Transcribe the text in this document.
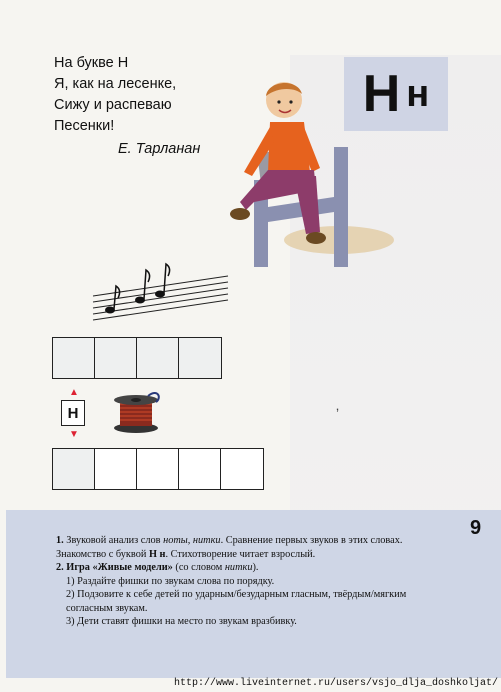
На букве Н
Я, как на лесенке,
Сижу и распеваю
Песенки!
Е. Тарланан
Н н
▲
Н
▼
ʼ

1. Звуковой анализ слов ноты, нитки. Сравнение первых звуков в этих словах. Знакомство с буквой Н н. Стихотворение читает взрослый.

2. Игра «Живые модели» (со словом нитки).

1) Раздайте фишки по звукам слова по порядку.

2) Подзовите к себе детей по ударным/безударным гласным, твёрдым/мягким согласным звукам.

3) Дети ставят фишки на место по звукам вразбивку.

9
http://www.liveinternet.ru/users/vsjo_dlja_doshkoljat/
